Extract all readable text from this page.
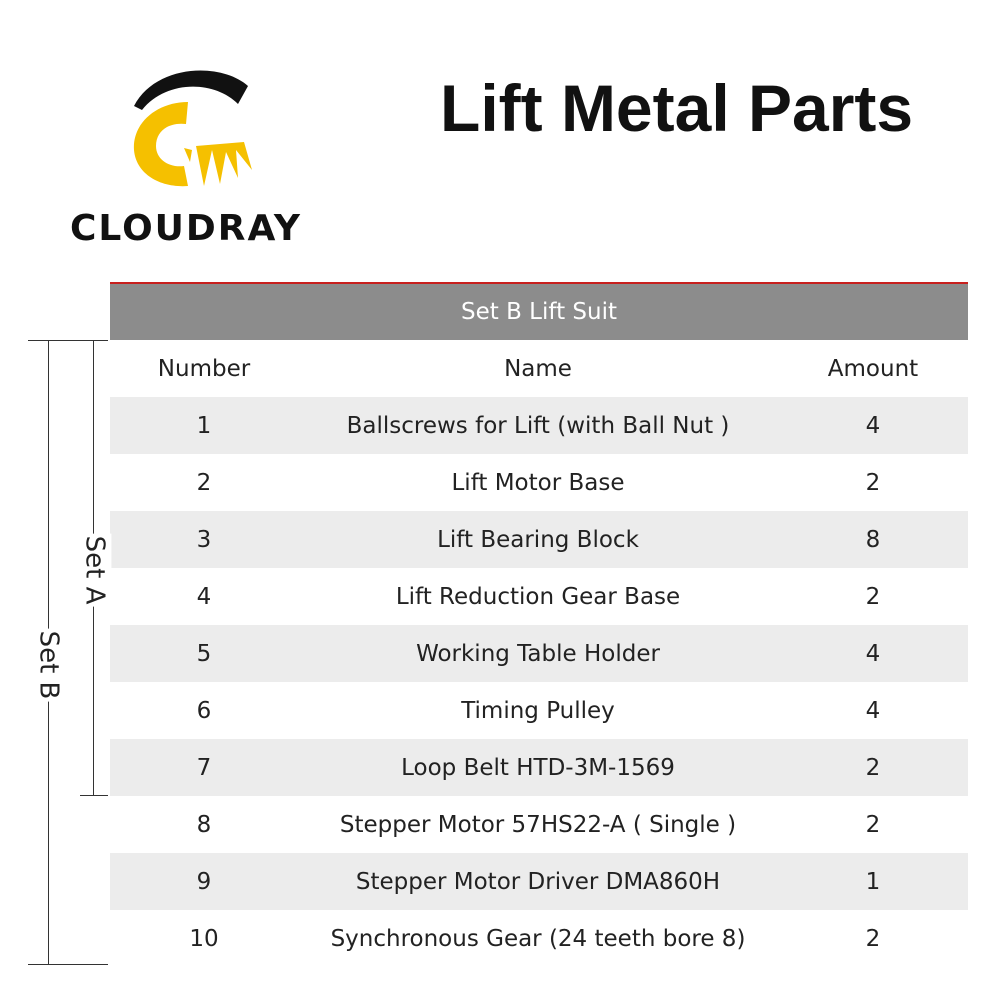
CLOUDRAY
Lift Metal Parts
Set B Lift Suit
Number	Name	Amount
1	Ballscrews for Lift (with Ball Nut )	4
2	Lift Motor Base	2
3	Lift Bearing Block	8
4	Lift Reduction Gear Base	2
5	Working Table Holder	4
6	Timing Pulley	4
7	Loop Belt HTD-3M-1569	2
8	Stepper Motor 57HS22-A ( Single )	2
9	Stepper Motor Driver DMA860H	1
10	Synchronous Gear (24 teeth bore 8)	2
Set B
Set A
